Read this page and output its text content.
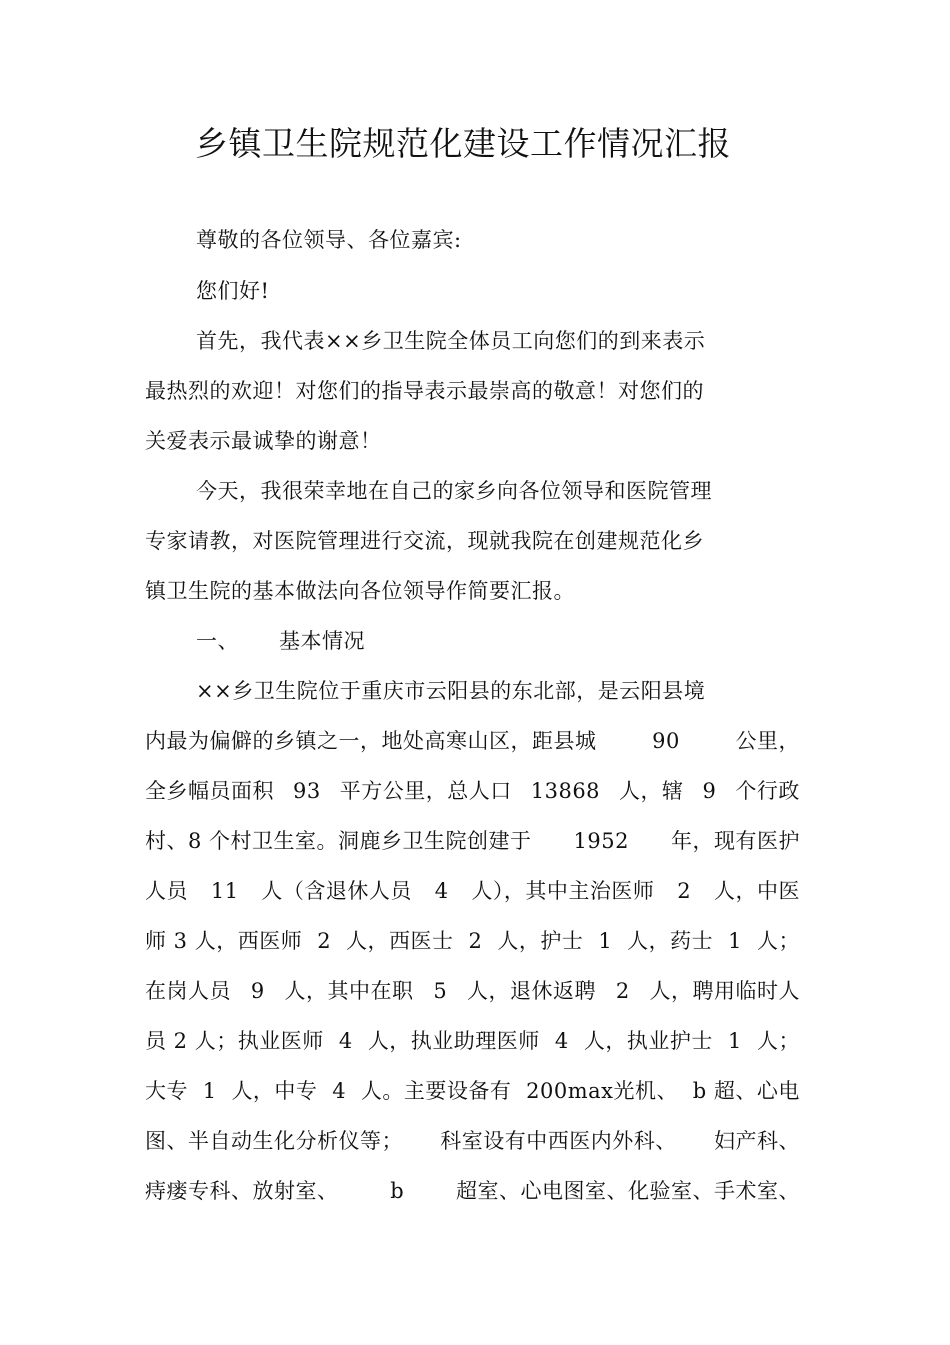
乡镇卫生院规范化建设工作情况汇报
尊敬的各位领导、各位嘉宾:
您们好!
首先，我代表××乡卫生院全体员工向您们的到来表示
最热烈的欢迎！对您们的指导表示最崇高的敬意！对您们的
关爱表示最诚挚的谢意！
今天，我很荣幸地在自己的家乡向各位领导和医院管理
专家请教，对医院管理进行交流，现就我院在创建规范化乡
镇卫生院的基本做法向各位领导作简要汇报。
一、 基本情况
××乡卫生院位于重庆市云阳县的东北部，是云阳县境
内最为偏僻的乡镇之一，地处高寒山区，距县城	90	公里，
全乡幅员面积 93 平方公里，总人口 13868 人，辖 9 个行政
村、8 个村卫生室。洞鹿乡卫生院创建于 1952 年，现有医护
人员 11 人（含退休人员 4 人），其中主治医师 2 人，中医
师 3 人，西医师 2 人，西医士 2 人，护士 1 人，药士 1 人；
在岗人员 9 人，其中在职 5 人，退休返聘 2 人，聘用临时人
员 2 人；执业医师 4 人，执业助理医师 4 人，执业护士 1 人；
大专 1 人，中专 4 人。主要设备有 200max光机、 b 超、心电
图、半自动生化分析仪等； 科室设有中西医内外科、 妇产科、
痔瘘专科、放射室、 b 超室、心电图室、化验室、手术室、
